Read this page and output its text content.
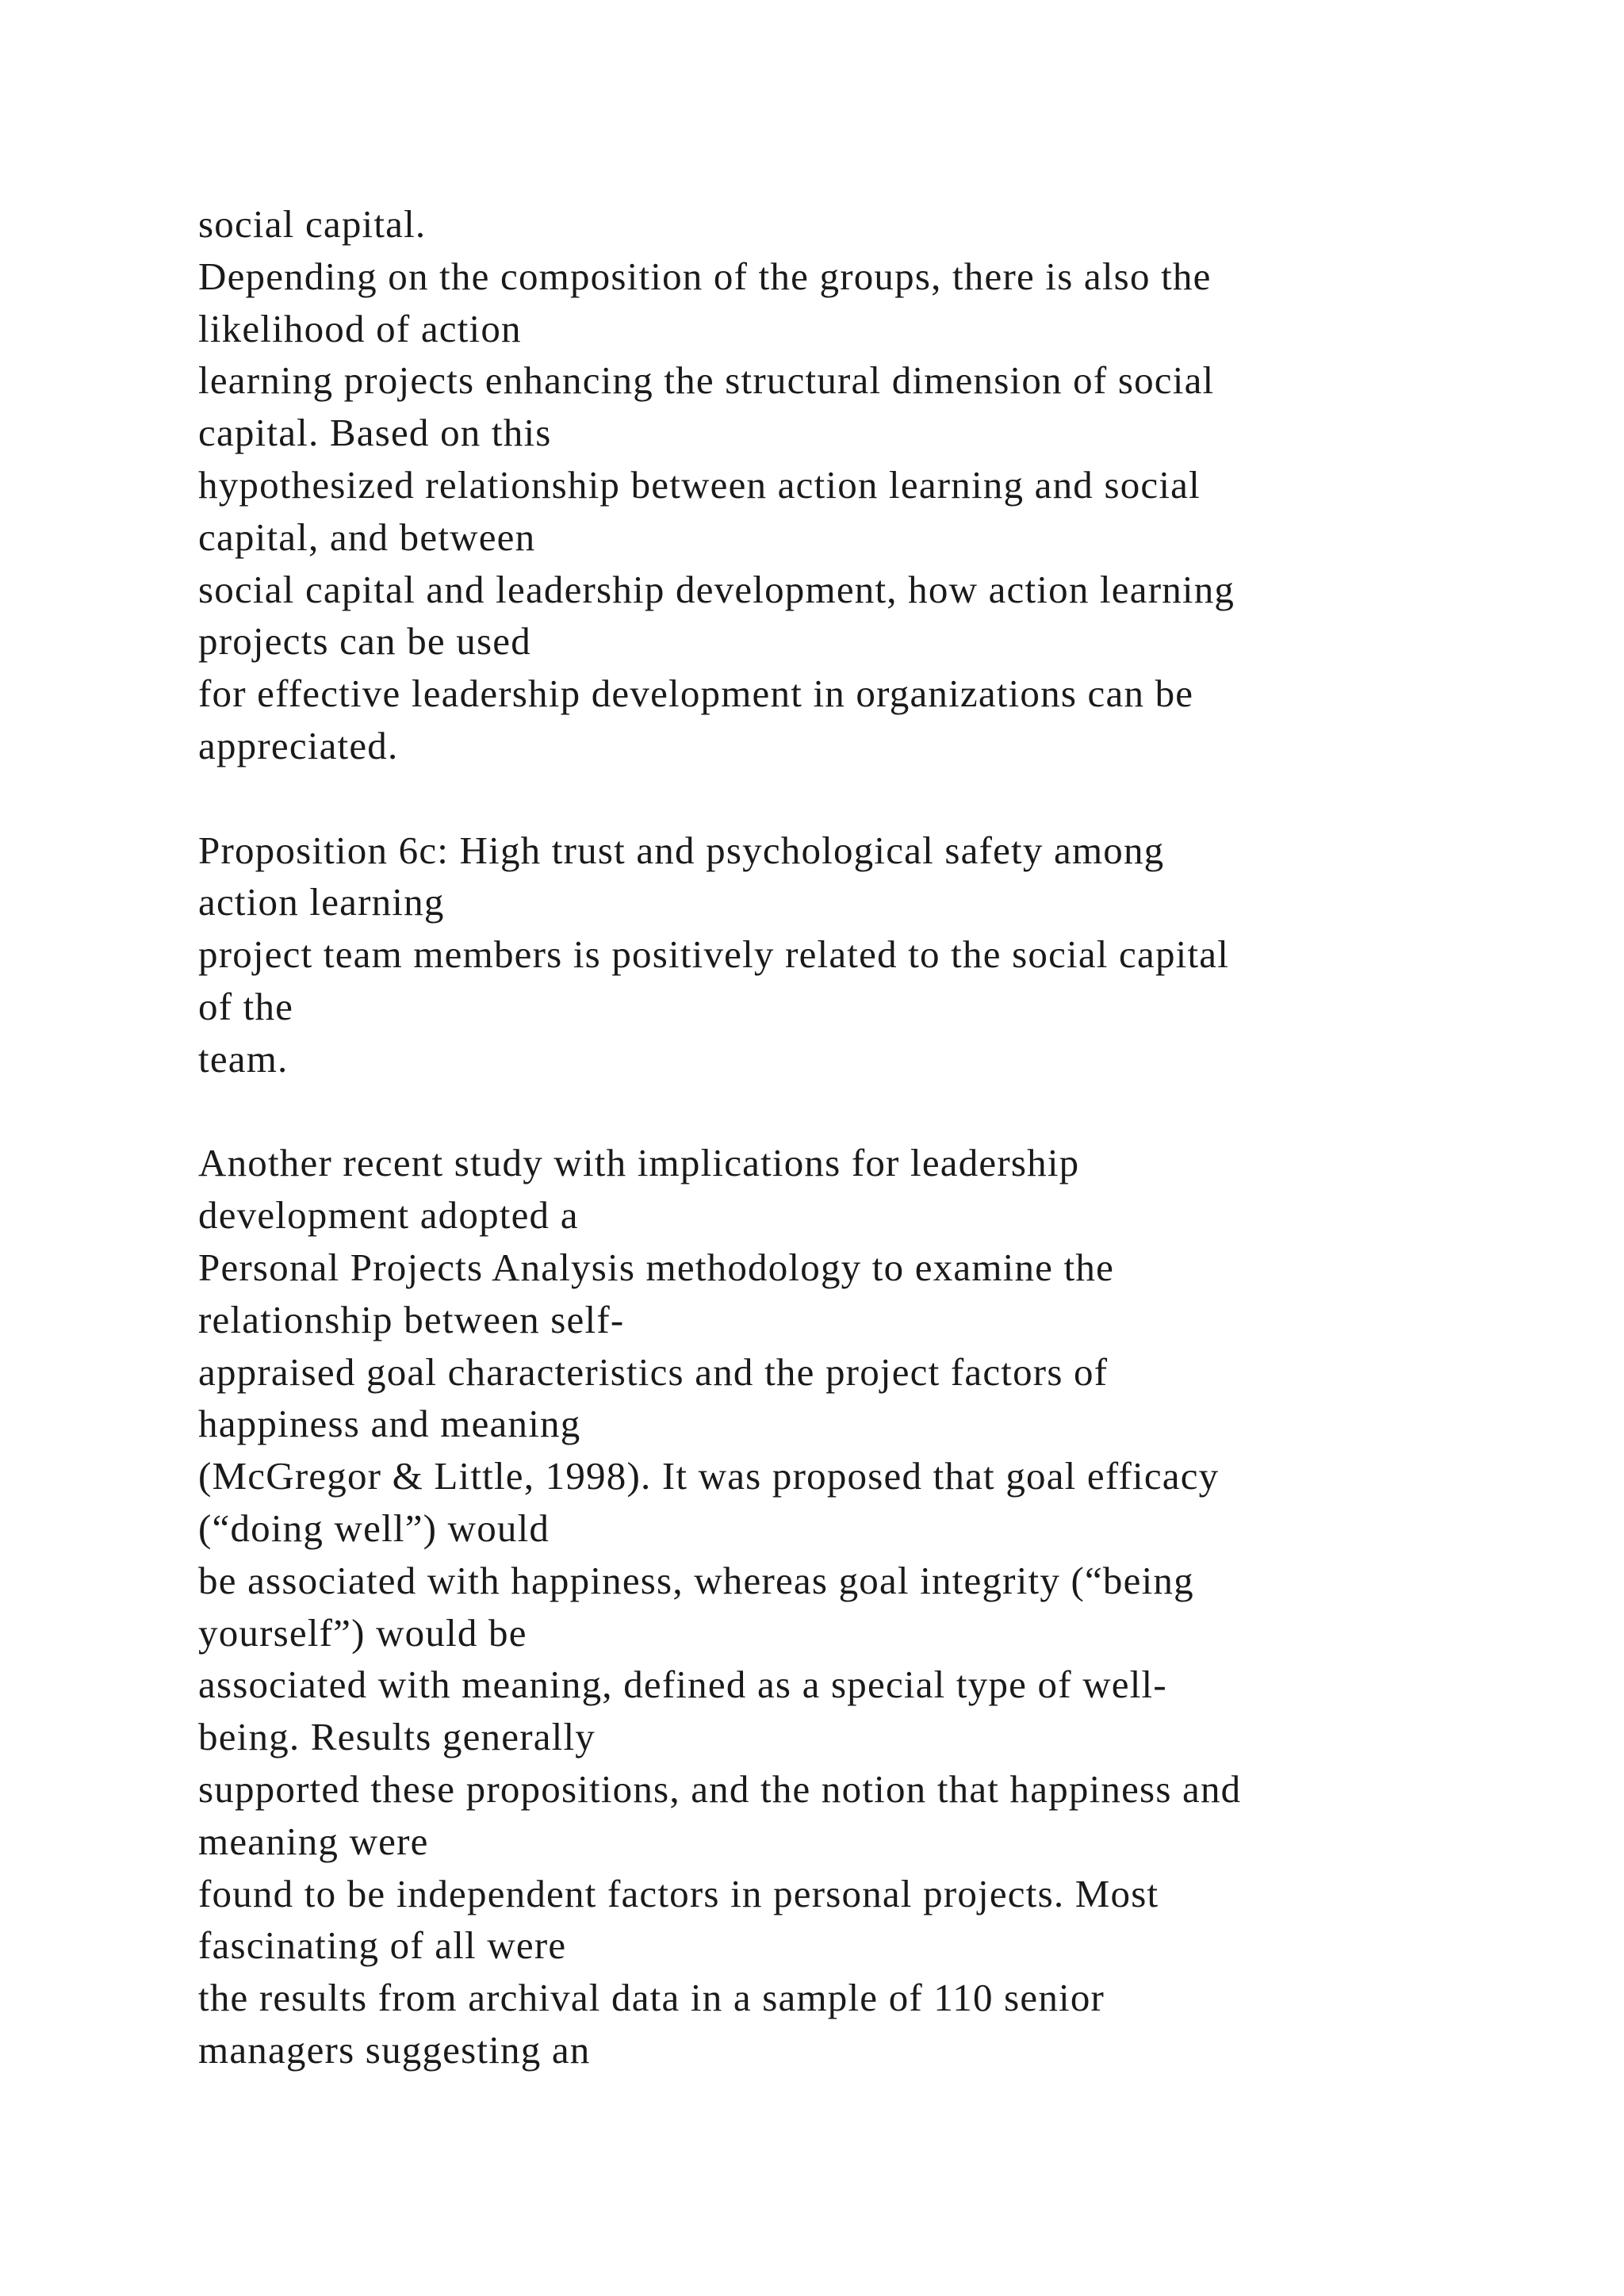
social capital.
Depending on the composition of the groups, there is also the
likelihood of action
learning projects enhancing the structural dimension of social
capital. Based on this
hypothesized relationship between action learning and social
capital, and between
social capital and leadership development, how action learning
projects can be used
for effective leadership development in organizations can be
appreciated.
Proposition 6c: High trust and psychological safety among
action learning
project team members is positively related to the social capital
of the
team.
Another recent study with implications for leadership
development adopted a
Personal Projects Analysis methodology to examine the
relationship between self-
appraised goal characteristics and the project factors of
happiness and meaning
(McGregor & Little, 1998). It was proposed that goal efficacy
(“doing well”) would
be associated with happiness, whereas goal integrity (“being
yourself”) would be
associated with meaning, defined as a special type of well-
being. Results generally
supported these propositions, and the notion that happiness and
meaning were
found to be independent factors in personal projects. Most
fascinating of all were
the results from archival data in a sample of 110 senior
managers suggesting an
